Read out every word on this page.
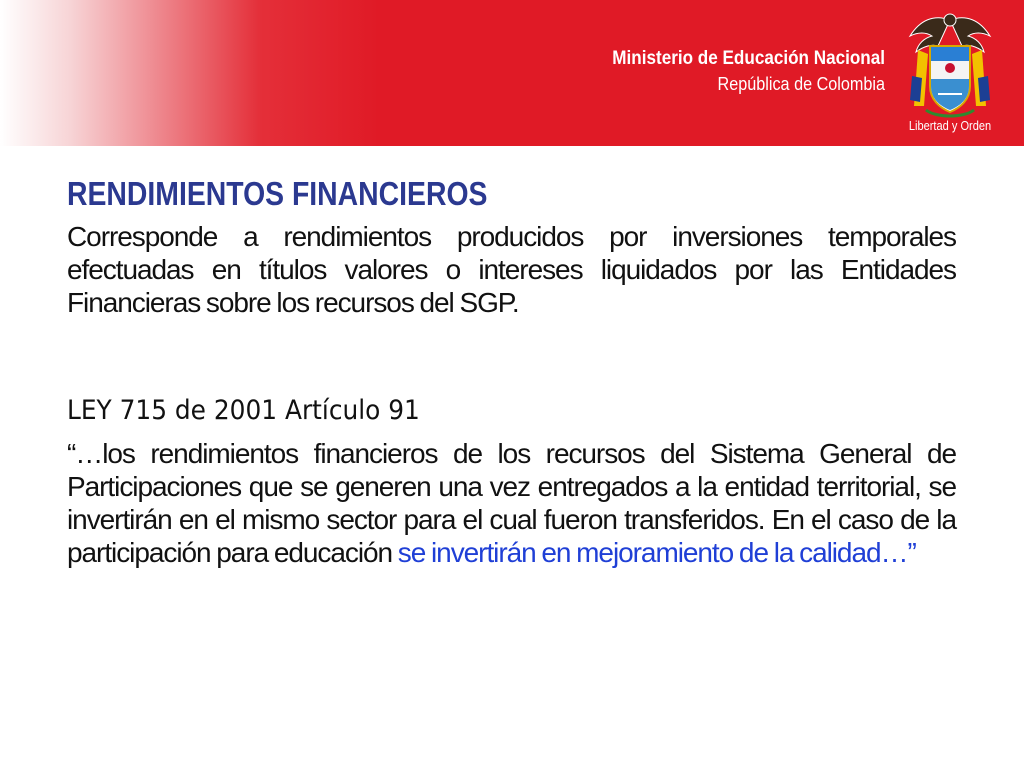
Ministerio de Educación Nacional
República de Colombia
Libertad y Orden
RENDIMIENTOS FINANCIEROS

Corresponde a rendimientos producidos por inversiones temporales efectuadas en títulos valores o intereses liquidados por las Entidades Financieras sobre los recursos del SGP.

LEY 715 de 2001 Artículo 91

“…los rendimientos financieros de los recursos del Sistema General de Participaciones que se generen una vez entregados a la entidad territorial, se invertirán en el mismo sector para el cual fueron transferidos. En el caso de la participación para educación se invertirán en mejoramiento de la calidad…”
